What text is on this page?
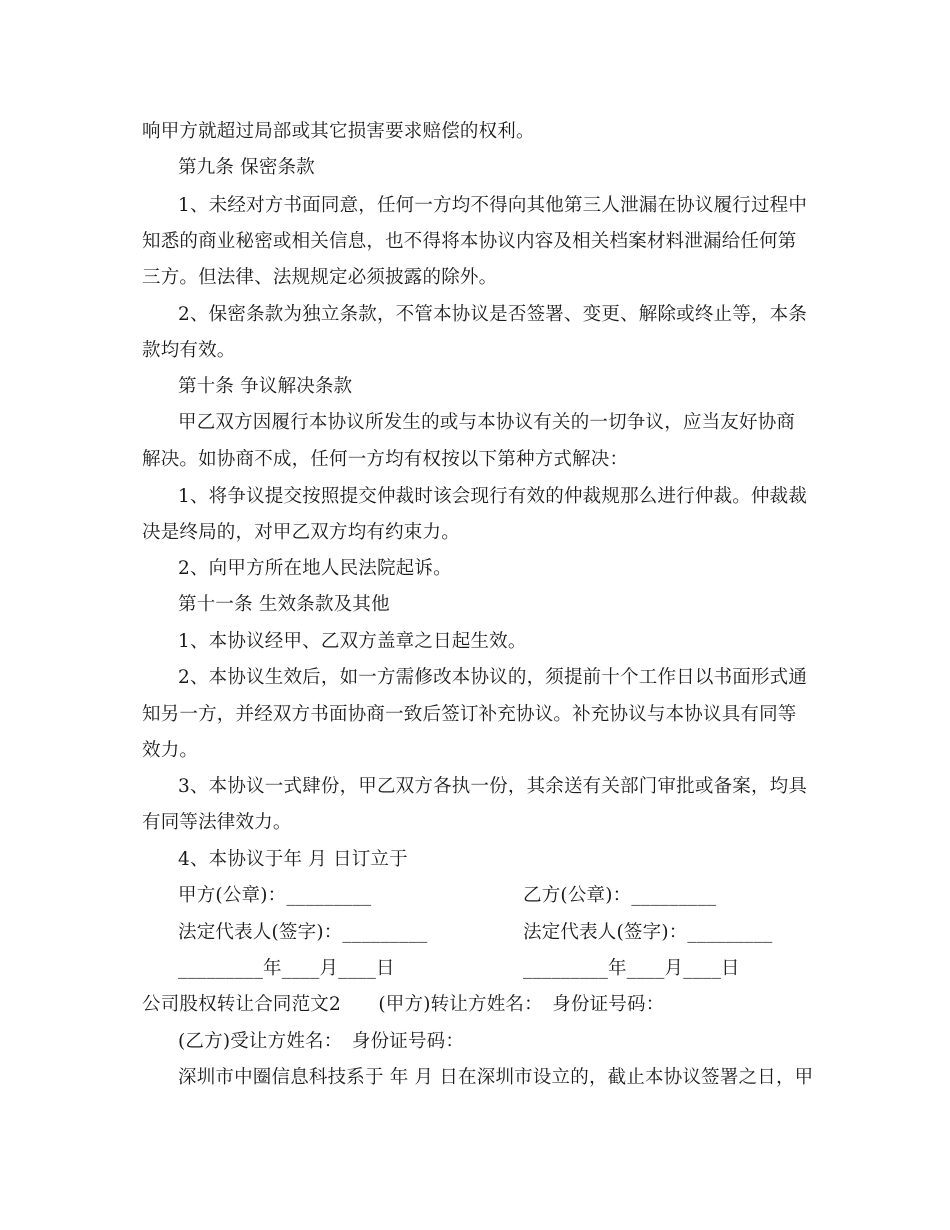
响甲方就超过局部或其它损害要求赔偿的权利。
第九条 保密条款
1、未经对方书面同意，任何一方均不得向其他第三人泄漏在协议履行过程中
知悉的商业秘密或相关信息，也不得将本协议内容及相关档案材料泄漏给任何第
三方。但法律、法规规定必须披露的除外。
2、保密条款为独立条款，不管本协议是否签署、变更、解除或终止等，本条
款均有效。
第十条 争议解决条款
甲乙双方因履行本协议所发生的或与本协议有关的一切争议，应当友好协商
解决。如协商不成，任何一方均有权按以下第种方式解决：
1、将争议提交按照提交仲裁时该会现行有效的仲裁规那么进行仲裁。仲裁裁
决是终局的，对甲乙双方均有约束力。
2、向甲方所在地人民法院起诉。
第十一条 生效条款及其他
1、本协议经甲、乙双方盖章之日起生效。
2、本协议生效后，如一方需修改本协议的，须提前十个工作日以书面形式通
知另一方，并经双方书面协商一致后签订补充协议。补充协议与本协议具有同等
效力。
3、本协议一式肆份，甲乙双方各执一份，其余送有关部门审批或备案，均具
有同等法律效力。
4、本协议于年 月 日订立于
甲方(公章)：_________	乙方(公章)：_________
法定代表人(签字)：_________	法定代表人(签字)：_________
_________年____月____日	_________年____月____日
公司股权转让合同范文2　　(甲方)转让方姓名：　身份证号码：
(乙方)受让方姓名：　身份证号码：
深圳市中圈信息科技系于 年 月 日在深圳市设立的，截止本协议签署之日，甲
